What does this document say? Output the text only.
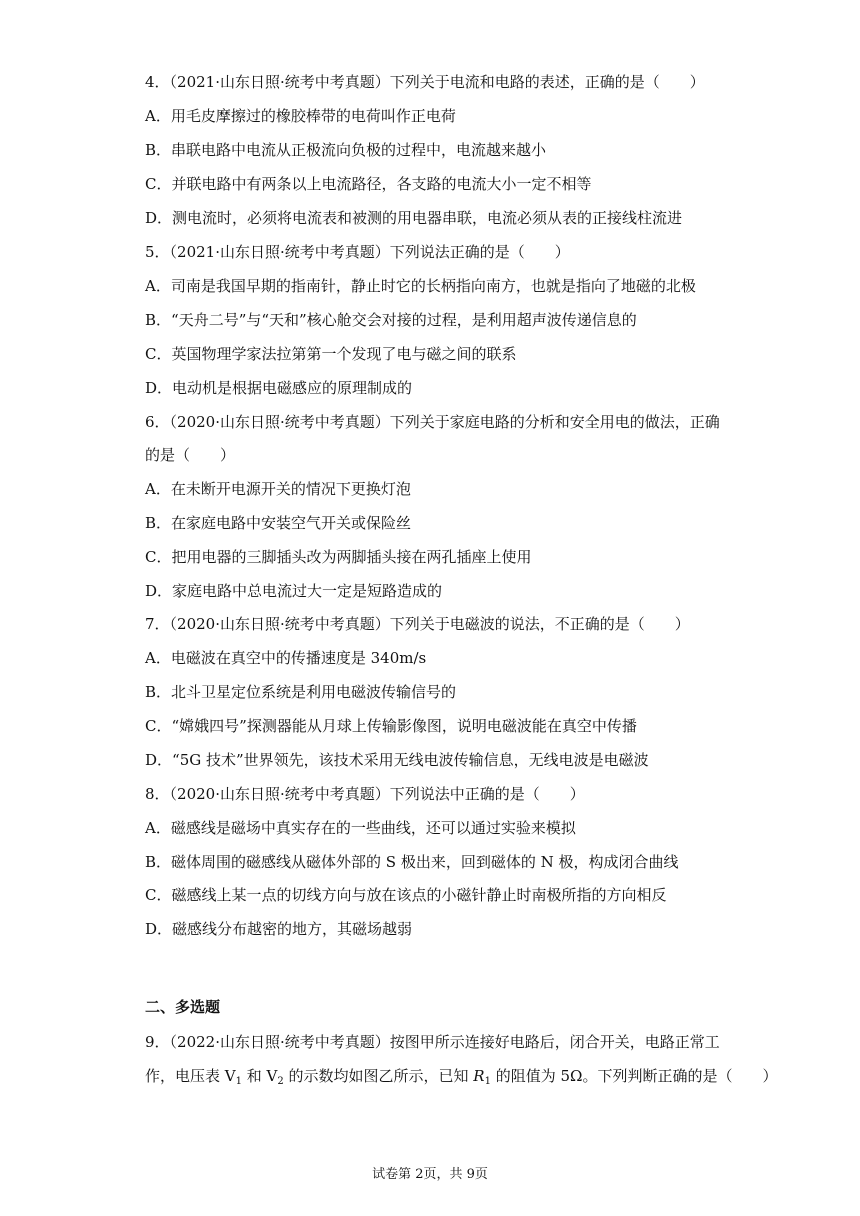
4．（2021·山东日照·统考中考真题）下列关于电流和电路的表述，正确的是（　　）
A．用毛皮摩擦过的橡胶棒带的电荷叫作正电荷
B．串联电路中电流从正极流向负极的过程中，电流越来越小
C．并联电路中有两条以上电流路径，各支路的电流大小一定不相等
D．测电流时，必须将电流表和被测的用电器串联，电流必须从表的正接线柱流进
5．（2021·山东日照·统考中考真题）下列说法正确的是（　　）
A．司南是我国早期的指南针，静止时它的长柄指向南方，也就是指向了地磁的北极
B．“天舟二号”与“天和”核心舱交会对接的过程，是利用超声波传递信息的
C．英国物理学家法拉第第一个发现了电与磁之间的联系
D．电动机是根据电磁感应的原理制成的
6．（2020·山东日照·统考中考真题）下列关于家庭电路的分析和安全用电的做法，正确
的是（　　）
A．在未断开电源开关的情况下更换灯泡
B．在家庭电路中安装空气开关或保险丝
C．把用电器的三脚插头改为两脚插头接在两孔插座上使用
D．家庭电路中总电流过大一定是短路造成的
7．（2020·山东日照·统考中考真题）下列关于电磁波的说法，不正确的是（　　）
A．电磁波在真空中的传播速度是 340m/s
B．北斗卫星定位系统是利用电磁波传输信号的
C．“嫦娥四号”探测器能从月球上传输影像图，说明电磁波能在真空中传播
D．“5G 技术”世界领先，该技术采用无线电波传输信息，无线电波是电磁波
8．（2020·山东日照·统考中考真题）下列说法中正确的是（　　）
A．磁感线是磁场中真实存在的一些曲线，还可以通过实验来模拟
B．磁体周围的磁感线从磁体外部的 S 极出来，回到磁体的 N 极，构成闭合曲线
C．磁感线上某一点的切线方向与放在该点的小磁针静止时南极所指的方向相反
D．磁感线分布越密的地方，其磁场越弱
二、多选题
9．（2022·山东日照·统考中考真题）按图甲所示连接好电路后，闭合开关，电路正常工
作，电压表 $V_1$ 和 $V_2$ 的示数均如图乙所示，已知 $R_1$ 的阻值为 5Ω。下列判断正确的是（　　）
试卷第 2页，共 9页
